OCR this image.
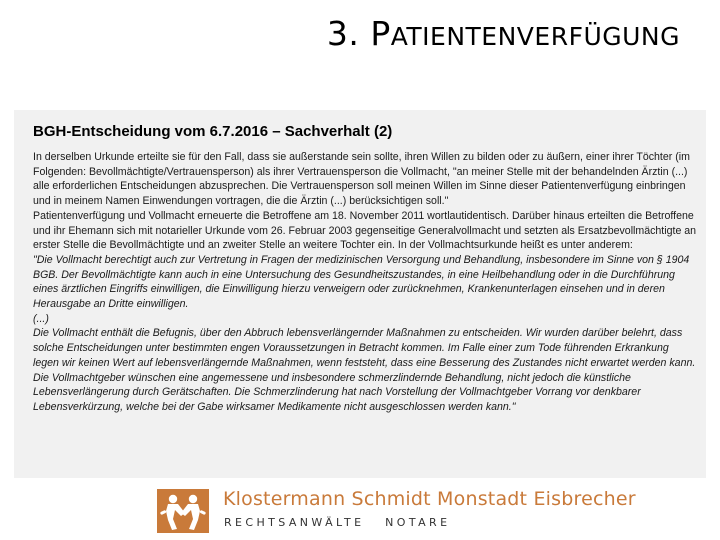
3. PATIENTENVERFÜGUNG
BGH-Entscheidung vom 6.7.2016 – Sachverhalt (2)

In derselben Urkunde erteilte sie für den Fall, dass sie außerstande sein sollte, ihren Willen zu bilden oder zu äußern, einer ihrer Töchter (im Folgenden: Bevollmächtigte/Vertrauensperson) als ihrer Vertrauensperson die Vollmacht, "an meiner Stelle mit der behandelnden Ärztin (...) alle erforderlichen Entscheidungen abzusprechen. Die Vertrauensperson soll meinen Willen im Sinne dieser Patientenverfügung einbringen und in meinem Namen Einwendungen vortragen, die die Ärztin (...) berücksichtigen soll."

Patientenverfügung und Vollmacht erneuerte die Betroffene am 18. November 2011 wortlautidentisch. Darüber hinaus erteilten die Betroffene und ihr Ehemann sich mit notarieller Urkunde vom 26. Februar 2003 gegenseitige Generalvollmacht und setzten als Ersatzbevollmächtigte an erster Stelle die Bevollmächtigte und an zweiter Stelle an weitere Tochter ein. In der Vollmachtsurkunde heißt es unter anderem:

"Die Vollmacht berechtigt auch zur Vertretung in Fragen der medizinischen Versorgung und Behandlung, insbesondere im Sinne von § 1904 BGB. Der Bevollmächtigte kann auch in eine Untersuchung des Gesundheitszustandes, in eine Heilbehandlung oder in die Durchführung eines ärztlichen Eingriffs einwilligen, die Einwilligung hierzu verweigern oder zurücknehmen, Krankenunterlagen einsehen und in deren Herausgabe an Dritte einwilligen.

(...)

Die Vollmacht enthält die Befugnis, über den Abbruch lebensverlängernder Maßnahmen zu entscheiden. Wir wurden darüber belehrt, dass solche Entscheidungen unter bestimmten engen Voraussetzungen in Betracht kommen. Im Falle einer zum Tode führenden Erkrankung legen wir keinen Wert auf lebensverlängernde Maßnahmen, wenn feststeht, dass eine Besserung des Zustandes nicht erwartet werden kann. Die Vollmachtgeber wünschen eine angemessene und insbesondere schmerzlindernde Behandlung, nicht jedoch die künstliche Lebensverlängerung durch Gerätschaften. Die Schmerzlinderung hat nach Vorstellung der Vollmachtgeber Vorrang vor denkbarer Lebensverkürzung, welche bei der Gabe wirksamer Medikamente nicht ausgeschlossen werden kann."

Klostermann Schmidt Monstadt Eisbrecher
RECHTSANWÄLTE   NOTARE
